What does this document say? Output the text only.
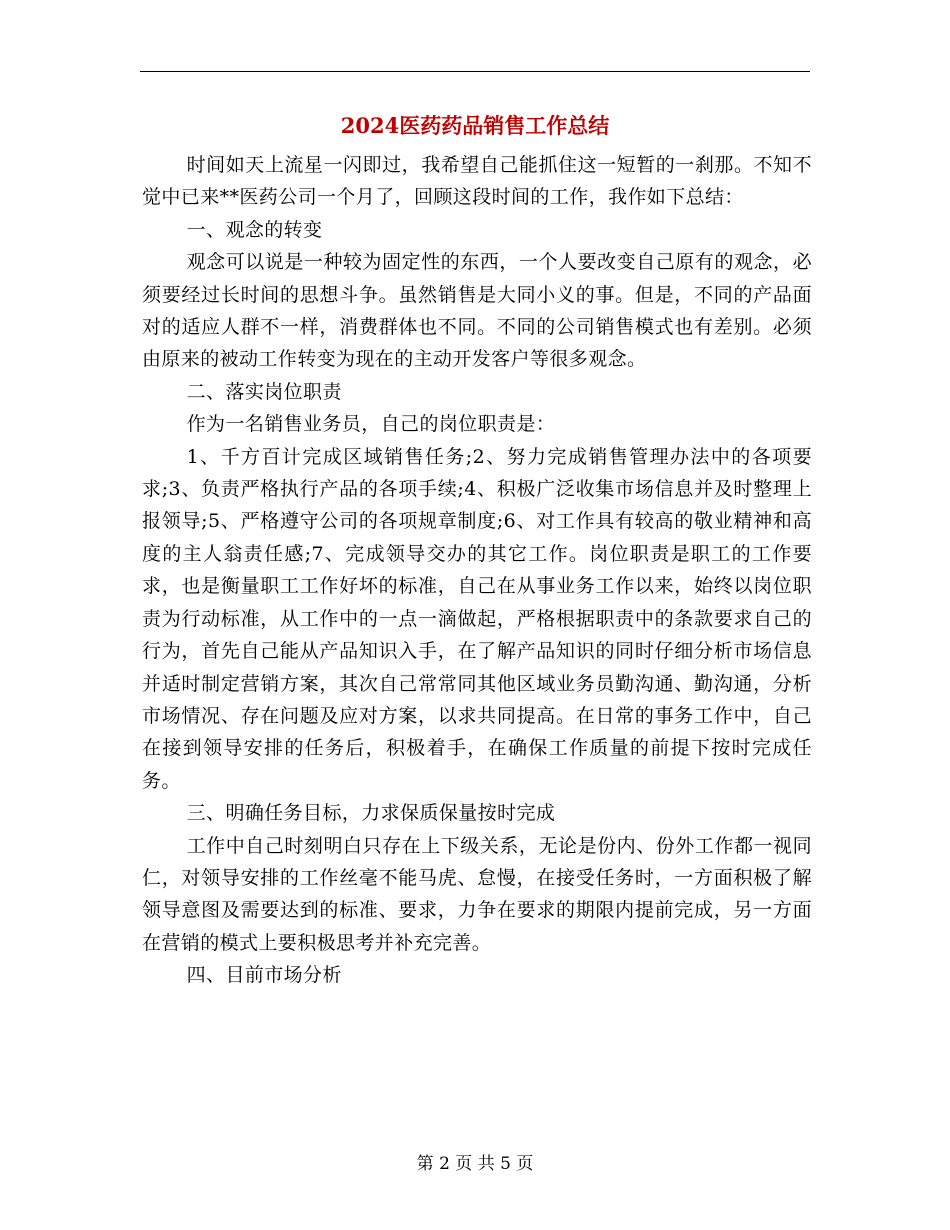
2024医药药品销售工作总结

时间如天上流星一闪即过，我希望自己能抓住这一短暂的一刹那。不知不觉中已来**医药公司一个月了，回顾这段时间的工作，我作如下总结：

一、观念的转变

观念可以说是一种较为固定性的东西，一个人要改变自己原有的观念，必须要经过长时间的思想斗争。虽然销售是大同小义的事。但是，不同的产品面对的适应人群不一样，消费群体也不同。不同的公司销售模式也有差别。必须由原来的被动工作转变为现在的主动开发客户等很多观念。

二、落实岗位职责

作为一名销售业务员，自己的岗位职责是：

1、千方百计完成区域销售任务;2、努力完成销售管理办法中的各项要求;3、负责严格执行产品的各项手续;4、积极广泛收集市场信息并及时整理上报领导;5、严格遵守公司的各项规章制度;6、对工作具有较高的敬业精神和高度的主人翁责任感;7、完成领导交办的其它工作。岗位职责是职工的工作要求，也是衡量职工工作好坏的标准，自己在从事业务工作以来，始终以岗位职责为行动标准，从工作中的一点一滴做起，严格根据职责中的条款要求自己的行为，首先自己能从产品知识入手，在了解产品知识的同时仔细分析市场信息并适时制定营销方案，其次自己常常同其他区域业务员勤沟通、勤沟通，分析市场情况、存在问题及应对方案，以求共同提高。在日常的事务工作中，自己在接到领导安排的任务后，积极着手，在确保工作质量的前提下按时完成任务。

三、明确任务目标，力求保质保量按时完成

工作中自己时刻明白只存在上下级关系，无论是份内、份外工作都一视同仁，对领导安排的工作丝毫不能马虎、怠慢，在接受任务时，一方面积极了解领导意图及需要达到的标准、要求，力争在要求的期限内提前完成，另一方面在营销的模式上要积极思考并补充完善。

四、目前市场分析

第 2 页 共 5 页
